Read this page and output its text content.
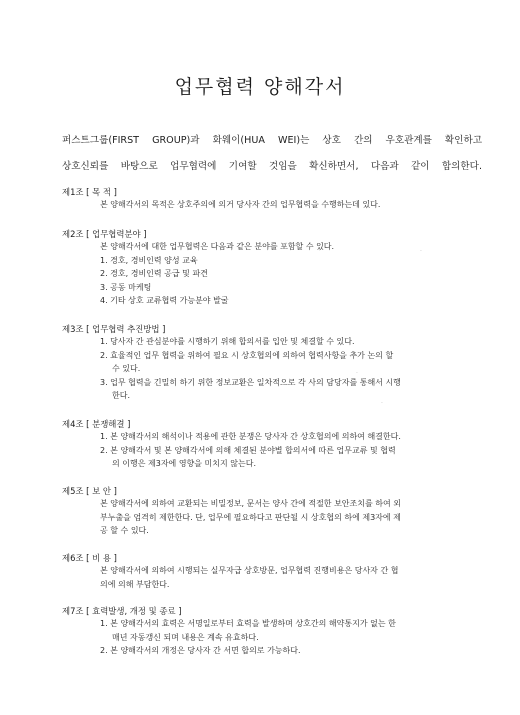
업무협력 양해각서
퍼스트그룹(FIRST GROUP)과 화웨이(HUA WEI)는 상호 간의 우호관계를 확인하고
상호신뢰를 바탕으로 업무협력에 기여할 것임을 확신하면서, 다음과 같이 합의한다.
제1조 [ 목 적 ]
본 양해각서의 목적은 상호주의에 의거 당사자 간의 업무협력을 수행하는데 있다.
제2조 [ 업무협력분야 ]
본 양해각서에 대한 업무협력은 다음과 같은 분야를 포함할 수 있다.
1. 경호, 경비인력 양성 교육
2. 경호, 경비인력 공급 및 파견
3. 공동 마케팅
4. 기타 상호 교류협력 가능분야 발굴
제3조 [ 업무협력 추진방법 ]
1. 당사자 간 관심분야를 시행하기 위해 합의서를 입안 및 체결할 수 있다.
2. 효율적인 업무 협력을 위하여 필요 시 상호협의에 의하여 협력사항을 추가 논의 할
수 있다.
3. 업무 협력을 긴밀히 하기 위한 정보교환은 일차적으로 각 사의 담당자를 통해서 시행
한다.
제4조 [ 분쟁해결 ]
1. 본 양해각서의 해석이나 적용에 관한 분쟁은 당사자 간 상호협의에 의하여 해결한다.
2. 본 양해각서 및 본 양해각서에 의해 체결된 분야별 합의서에 따른 업무교류 및 협력
의 이행은 제3자에 영향을 미치지 않는다.
제5조 [ 보 안 ]
본 양해각서에 의하여 교환되는 비밀정보, 문서는 양사 간에 적절한 보안조치를 하여 외
부누출을 엄격히 제한한다. 단, 업무에 필요하다고 판단될 시 상호협의 하에 제3자에 제
공 할 수 있다.
제6조 [ 비 용 ]
본 양해각서에 의하여 시행되는 실무자급 상호방문, 업무협력 진행비용은 당사자 간 협
의에 의해 부담한다.
제7조 [ 효력발생, 개정 및 종료 ]
1. 본 양해각서의 효력은 서명일로부터 효력을 발생하며 상호간의 해약통지가 없는 한
매년 자동갱신 되며 내용은 계속 유효하다.
2. 본 양해각서의 개정은 당사자 간 서면 합의로 가능하다.
·
·
·
